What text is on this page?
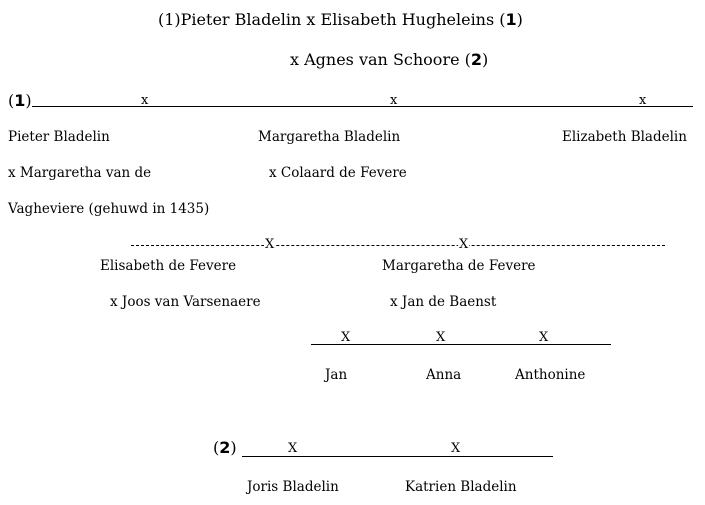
(1)Pieter Bladelin x Elisabeth Hugheleins (1)
x Agnes van Schoore (2)
(1)	x	x	x
Pieter Bladelin	Margaretha Bladelin	Elizabeth Bladelin
x Margaretha van de	x Colaard de Fevere
Vagheviere (gehuwd in 1435)
X	X
Elisabeth de Fevere	Margaretha de Fevere
x Joos van Varsenaere	x Jan de Baenst
X	X	X
Jan	Anna	Anthonine
(2)	X	X
Joris Bladelin	Katrien Bladelin
